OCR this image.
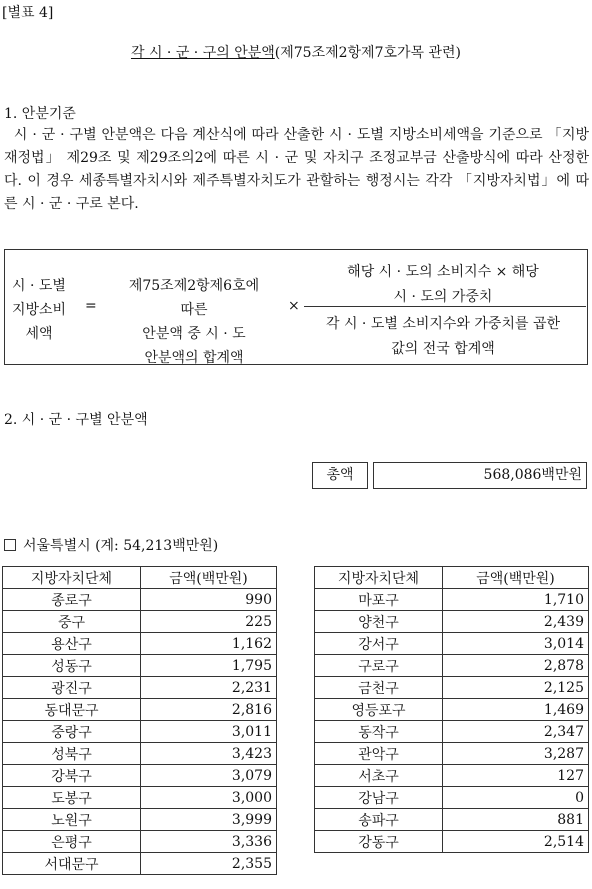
[별표 4]
각 시 · 군 · 구의 안분액(제75조제2항제7호가목 관련)
1. 안분기준

시 · 군 · 구별 안분액은 다음 계산식에 따라 산출한 시 · 도별 지방소비세액을 기준으로 「지방재정법」 제29조 및 제29조의2에 따른 시 · 군 및 자치구 조정교부금 산출방식에 따라 산정한다. 이 경우 세종특별자치시와 제주특별자치도가 관할하는 행정시는 각각 「지방자치법」에 따른 시 · 군 · 구로 본다.

시 · 도별
지방소비
세액
=
제75조제2항제6호에 따른
안분액 중 시 · 도
안분액의 합계액
×
해당 시 · 도의 소비지수 × 해당
시 · 도의 가중치
각 시 · 도별 소비지수와 가중치를 곱한
값의 전국 합계액
2. 시 · 군 · 구별 안분액
총액	568,086백만원
서울특별시 (계: 54,213백만원)
지방자치단체	금액(백만원)
종로구	990
중구	225
용산구	1,162
성동구	1,795
광진구	2,231
동대문구	2,816
중랑구	3,011
성북구	3,423
강북구	3,079
도봉구	3,000
노원구	3,999
은평구	3,336
서대문구	2,355
지방자치단체	금액(백만원)
마포구	1,710
양천구	2,439
강서구	3,014
구로구	2,878
금천구	2,125
영등포구	1,469
동작구	2,347
관악구	3,287
서초구	127
강남구	0
송파구	881
강동구	2,514
